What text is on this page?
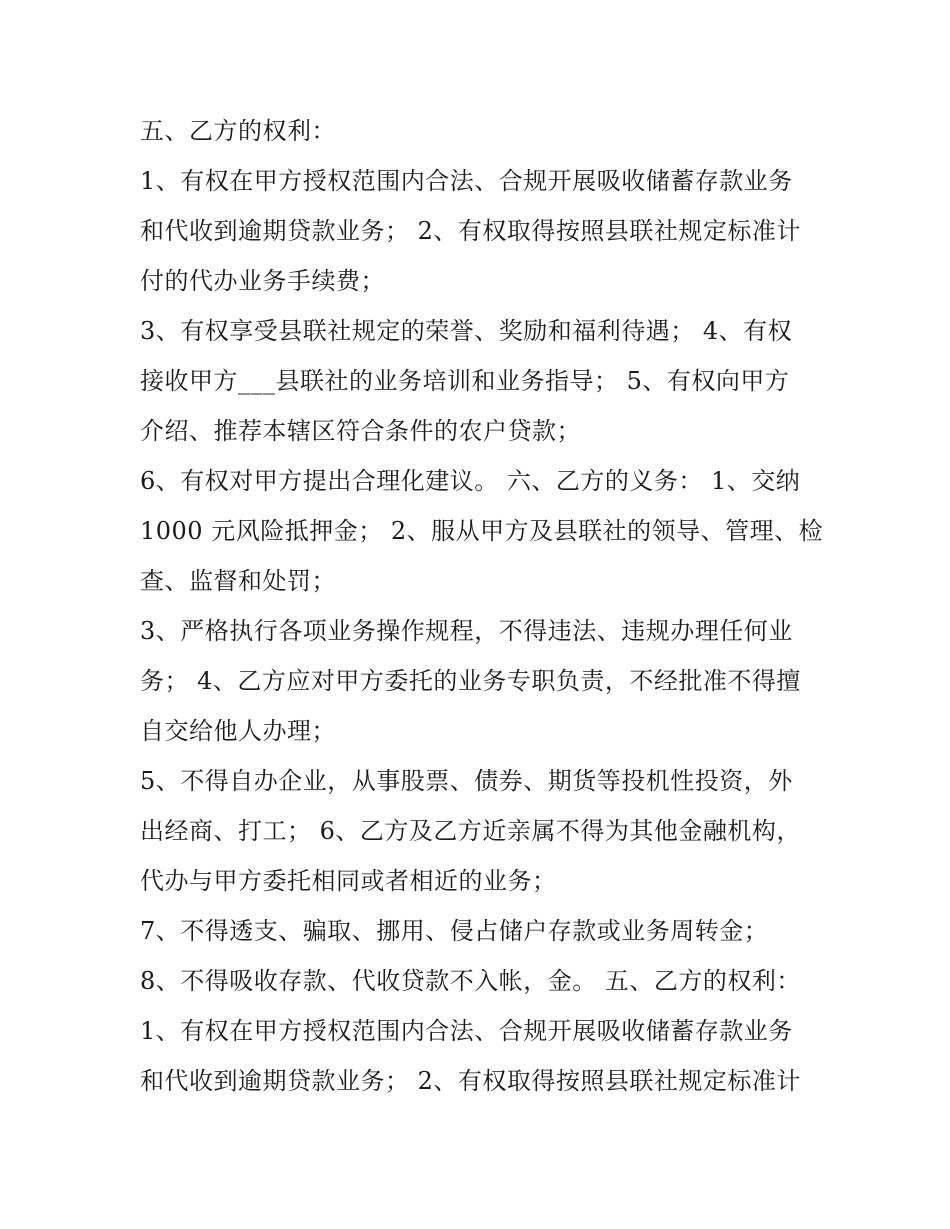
五、乙方的权利：
1、有权在甲方授权范围内合法、合规开展吸收储蓄存款业务
和代收到逾期贷款业务； 2、有权取得按照县联社规定标准计
付的代办业务手续费；
3、有权享受县联社规定的荣誉、奖励和福利待遇； 4、有权
接收甲方___县联社的业务培训和业务指导； 5、有权向甲方
介绍、推荐本辖区符合条件的农户贷款；
6、有权对甲方提出合理化建议。 六、乙方的义务： 1、交纳
1000 元风险抵押金； 2、服从甲方及县联社的领导、管理、检
查、监督和处罚；
3、严格执行各项业务操作规程，不得违法、违规办理任何业
务； 4、乙方应对甲方委托的业务专职负责，不经批准不得擅
自交给他人办理；
5、不得自办企业，从事股票、债券、期货等投机性投资，外
出经商、打工； 6、乙方及乙方近亲属不得为其他金融机构，
代办与甲方委托相同或者相近的业务；
7、不得透支、骗取、挪用、侵占储户存款或业务周转金；
8、不得吸收存款、代收贷款不入帐，金。 五、乙方的权利：
1、有权在甲方授权范围内合法、合规开展吸收储蓄存款业务
和代收到逾期贷款业务； 2、有权取得按照县联社规定标准计
